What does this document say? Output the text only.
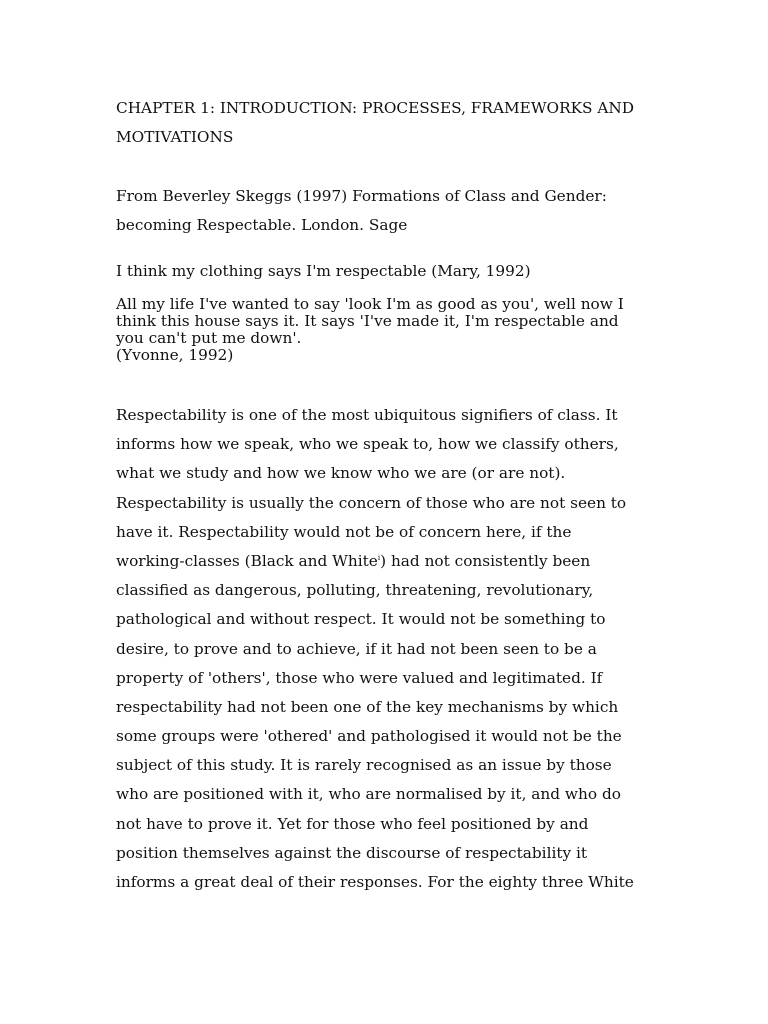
CHAPTER 1: INTRODUCTION: PROCESSES, FRAMEWORKS AND
MOTIVATIONS
From Beverley Skeggs (1997) Formations of Class and Gender:
becoming Respectable. London. Sage

I think my clothing says I'm respectable (Mary, 1992)

All my life I've wanted to say 'look I'm as good as you', well now I
think this house says it. It says 'I've made it, I'm respectable and
you can't put me down'.
(Yvonne, 1992)
Respectability is one of the most ubiquitous signifiers of class. It
informs how we speak, who we speak to, how we classify others,
what we study and how we know who we are (or are not).
Respectability is usually the concern of those who are not seen to
have it. Respectability would not be of concern here, if the
working-classes (Black and White$^i$) had not consistently been
classified as dangerous, polluting, threatening, revolutionary,
pathological and without respect. It would not be something to
desire, to prove and to achieve, if it had not been seen to be a
property of 'others', those who were valued and legitimated. If
respectability had not been one of the key mechanisms by which
some groups were 'othered' and pathologised it would not be the
subject of this study. It is rarely recognised as an issue by those
who are positioned with it, who are normalised by it, and who do
not have to prove it. Yet for those who feel positioned by and
position themselves against the discourse of respectability it
informs a great deal of their responses. For the eighty three White
